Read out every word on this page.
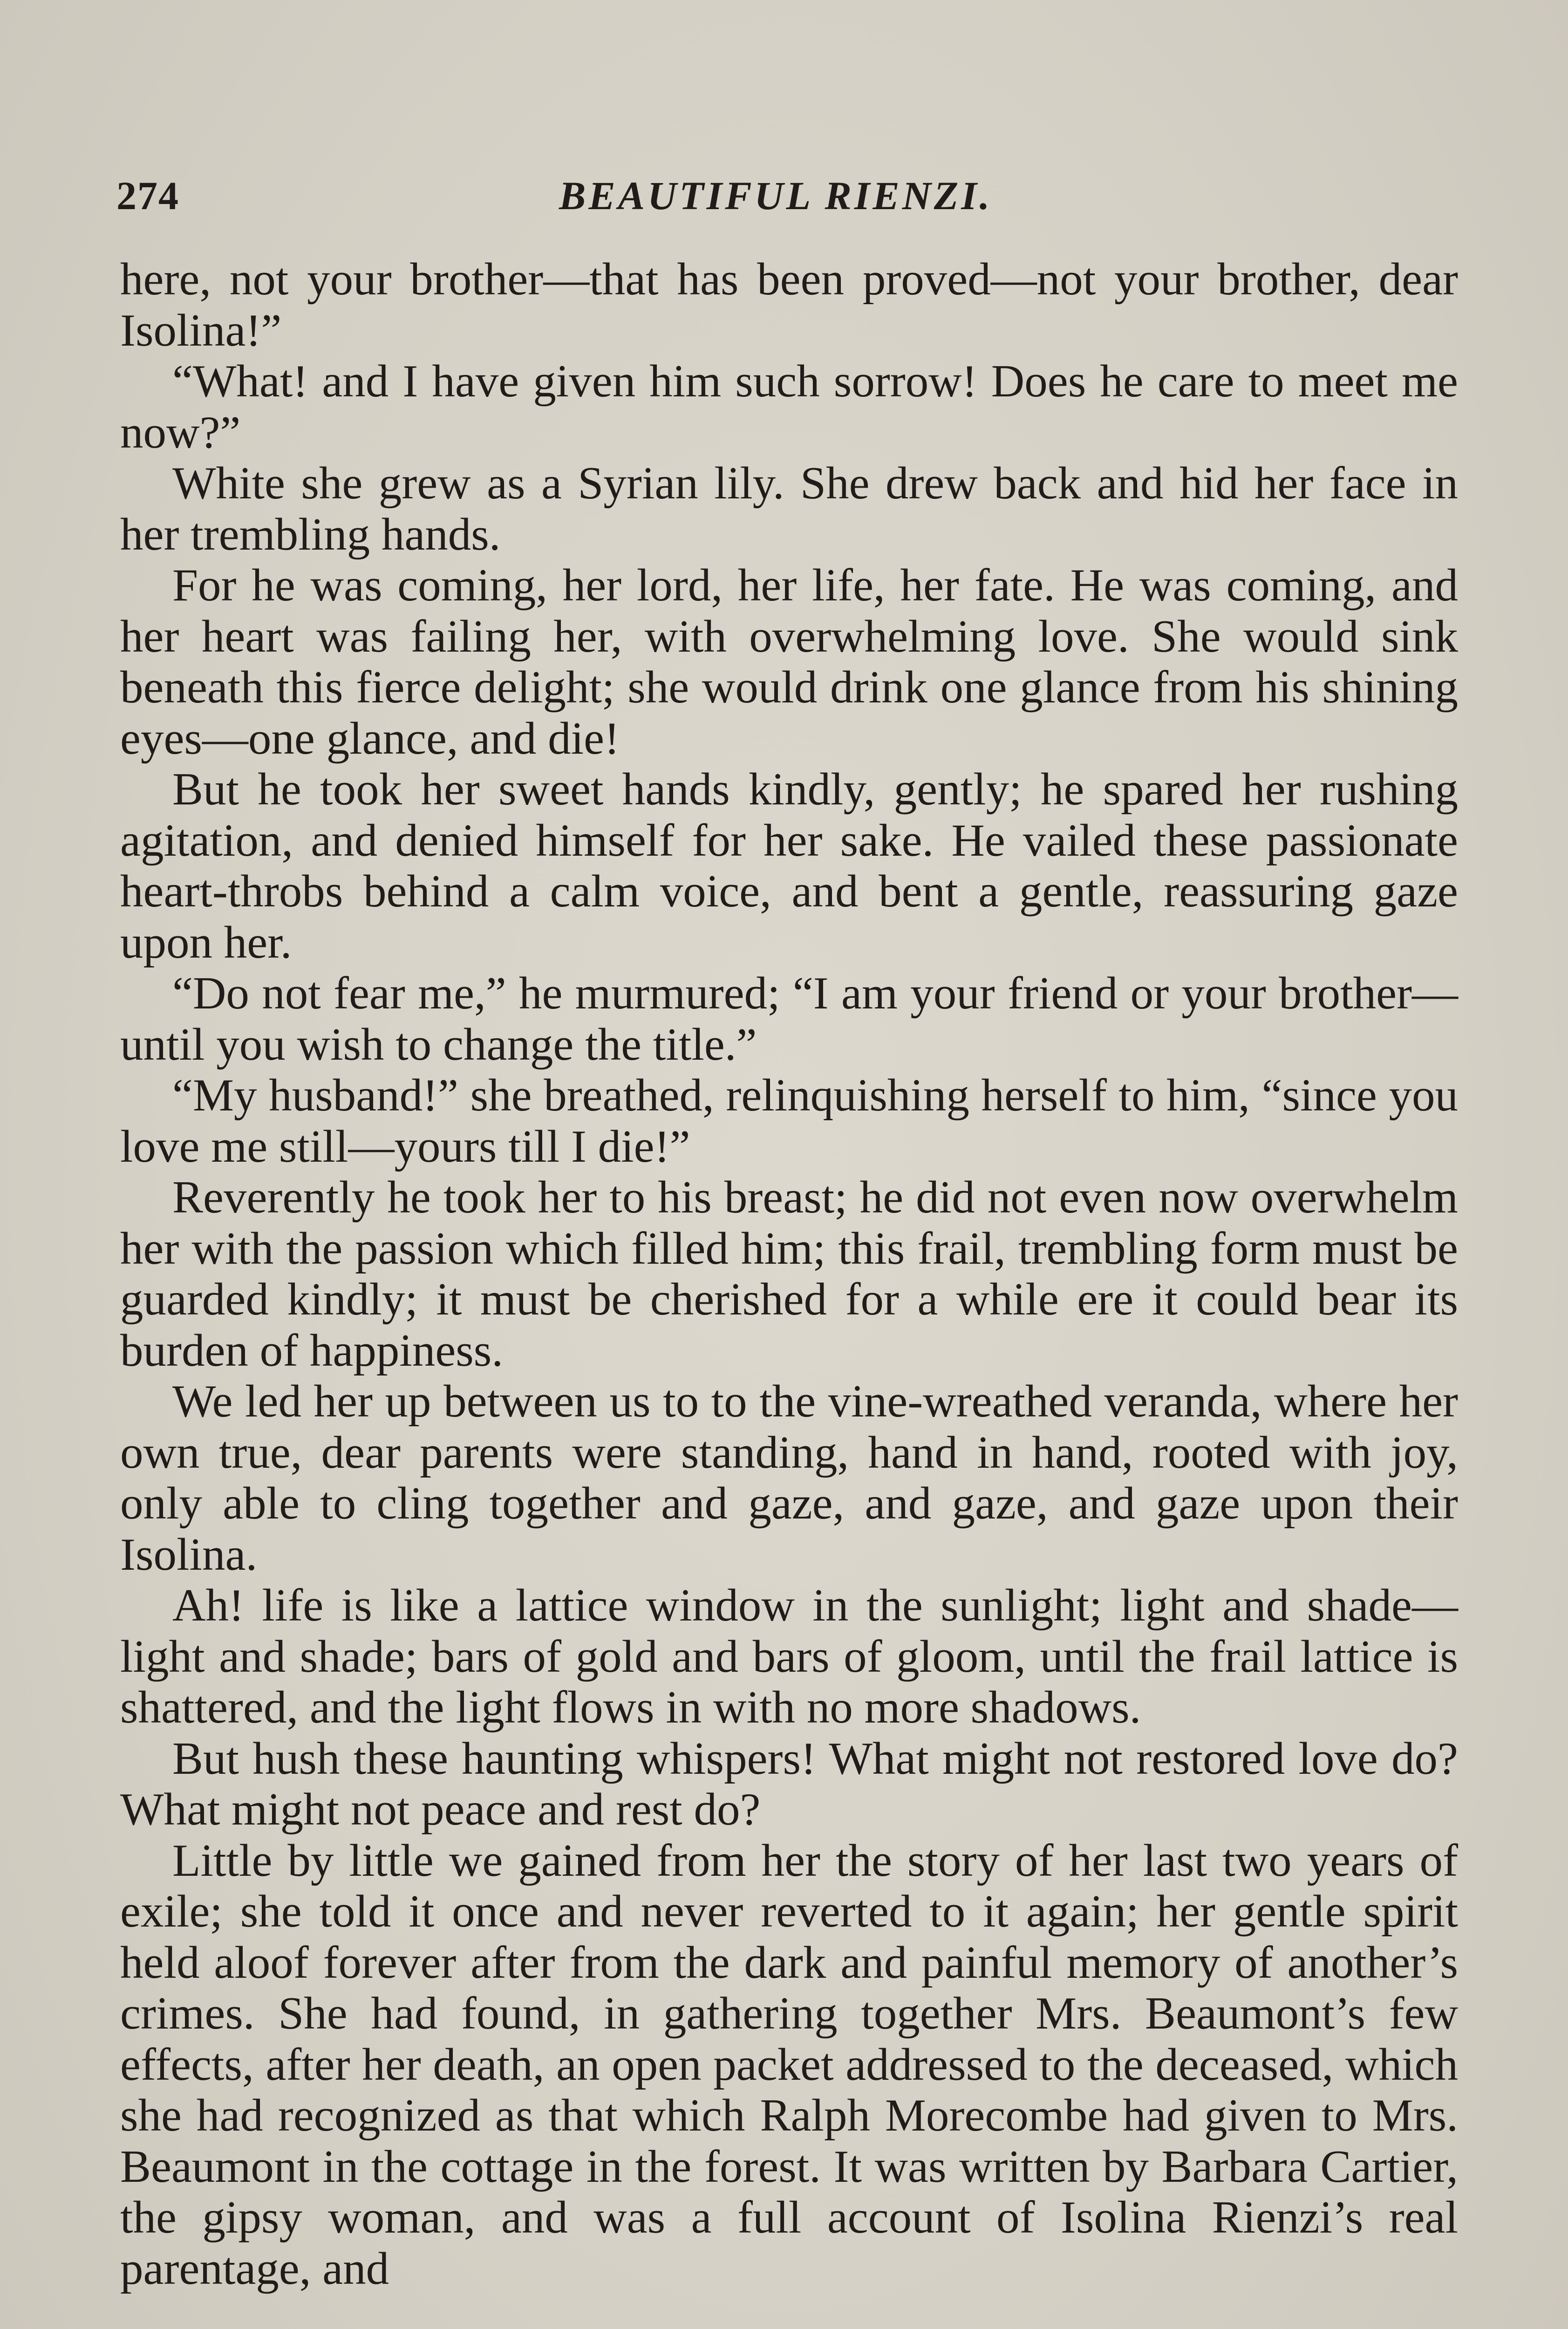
274	BEAUTIFUL RIENZI.

here, not your brother—that has been proved—not your brother, dear Isolina!”

“What! and I have given him such sorrow! Does he care to meet me now?”

White she grew as a Syrian lily. She drew back and hid her face in her trembling hands.

For he was coming, her lord, her life, her fate. He was coming, and her heart was failing her, with overwhelming love. She would sink beneath this fierce delight; she would drink one glance from his shining eyes—one glance, and die!

But he took her sweet hands kindly, gently; he spared her rushing agitation, and denied himself for her sake. He vailed these passionate heart-throbs behind a calm voice, and bent a gentle, reassuring gaze upon her.

“Do not fear me,” he murmured; “I am your friend or your brother—until you wish to change the title.”

“My husband!” she breathed, relinquishing herself to him, “since you love me still—yours till I die!”

Reverently he took her to his breast; he did not even now overwhelm her with the passion which filled him; this frail, trembling form must be guarded kindly; it must be cherished for a while ere it could bear its burden of happiness.

We led her up between us to to the vine-wreathed veranda, where her own true, dear parents were standing, hand in hand, rooted with joy, only able to cling together and gaze, and gaze, and gaze upon their Isolina.

Ah! life is like a lattice window in the sunlight; light and shade—light and shade; bars of gold and bars of gloom, until the frail lattice is shattered, and the light flows in with no more shadows.

But hush these haunting whispers! What might not restored love do? What might not peace and rest do?

Little by little we gained from her the story of her last two years of exile; she told it once and never reverted to it again; her gentle spirit held aloof forever after from the dark and painful memory of another’s crimes. She had found, in gathering together Mrs. Beaumont’s few effects, after her death, an open packet addressed to the deceased, which she had recognized as that which Ralph Morecombe had given to Mrs. Beaumont in the cottage in the forest. It was written by Barbara Cartier, the gipsy woman, and was a full account of Isolina Rienzi’s real parentage, and
